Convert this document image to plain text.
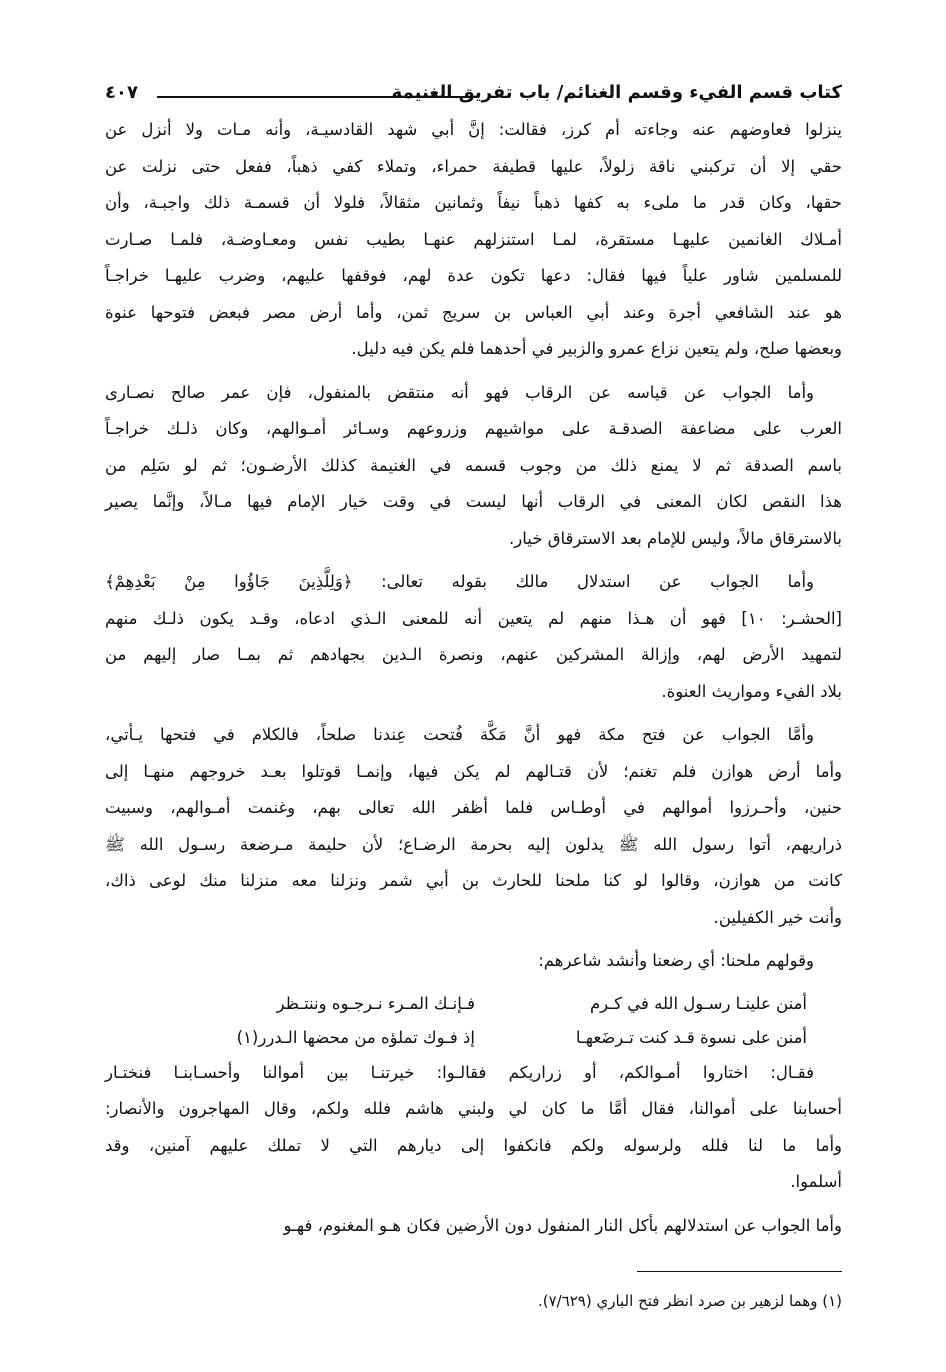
كتاب قسم الفيء وقسم الغنائم/ باب تفريق الغنيمة
٤٠٧
ينزلوا فعاوضهم عنه وجاءته أم كرز، فقالت: إنَّ أبي شهد القادسيـة، وأنه مـات ولا أنزل عن
حقي إلا أن تركبني ناقة زلولاً، عليها قطيفة حمراء، وتملاء كفي ذهباً، ففعل حتى نزلت عن
حقها، وكان قدر ما ملىء به كفها ذهباً نيفاً وثمانين مثقالاً، فلولا أن قسمـة ذلك واجبـة، وأن
أمـلاك الغانمين عليهـا مستقرة، لمـا استنزلهم عنهـا بطيب نفس ومعـاوضـة، فلمـا صـارت
للمسلمين شاور علياً فيها فقال: دعها تكون عدة لهم، فوقفها عليهم، وضرب عليهـا خراجـاً
هو عند الشافعي أجرة وعند أبي العباس بن سريج ثمن، وأما أرض مصر فبعض فتوحها عنوة
وبعضها صلح، ولم يتعين نزاع عمرو والزبير في أحدهما فلم يكن فيه دليل.
وأما الجواب عن قياسه عن الرقاب فهو أنه منتقض بالمنفول، فإن عمر صالح نصـارى
العرب على مضاعفة الصدقـة على مواشيهم وزروعهم وسـائر أمـوالهم، وكان ذلـك خراجـاً
باسم الصدقة ثم لا يمنع ذلك من وجوب قسمه في الغنيمة كذلك الأرضـون؛ ثم لو سَلِم من
هذا النقص لكان المعنى في الرقاب أنها ليست في وقت خيار الإمام فيها مـالاً، وإنَّما يصير
بالاسترقاق مالاً، وليس للإمام بعد الاسترقاق خيار.
وأما الجواب عن استدلال مالك بقوله تعالى: ﴿وَلِلَّذِينَ جَاؤُوا مِنْ بَعْدِهِمْ﴾
[الحشـر: ١٠] فهو أن هـذا منهم لم يتعين أنه للمعنى الـذي ادعاه، وقـد يكون ذلـك منهم
لتمهيد الأرض لهم، وإزالة المشركين عنهم، ونصرة الـدين بجهادهم ثم بمـا صار إليهم من
بلاد الفيء ومواريث العنوة.
وأمَّا الجواب عن فتح مكة فهو أنَّ مَكَّة فُتحت عِندنا صلحاً، فالكلام في فتحها يـأتي،
وأما أرض هوازن فلم تغنم؛ لأن قتـالهم لم يكن فيها، وإنمـا قوتلوا بعـد خروجهم منهـا إلى
حنين، وأحـرزوا أموالهم في أوطـاس فلما أظفر الله تعالى بهم، وغنمت أمـوالهم، وسبيت
ذراريهم، أتوا رسول الله ﷺ يدلون إليه بحرمة الرضـاع؛ لأن حليمة مـرضعة رسـول الله ﷺ
كانت من هوازن، وقالوا لو كنا ملحنا للحارث بن أبي شمر ونزلنا معه منزلنا منك لوعى ذاك،
وأنت خير الكفيلين.
وقولهم ملحنا: أي رضعنا وأنشد شاعرهم:
أمنن علينـا رسـول الله في كـرم
فـإنـك المـرء نـرجـوه وننتـظر
أمنن على نسوة قـد كنت تـرضَعهـا
إذ فـوك تملؤه من محضها الـدرر(١)
فقـال: اختاروا أمـوالكم، أو زراريكم فقالـوا: خيرتنـا بين أموالنا وأحسـابنـا فنختـار
أحسابنا على أموالنا، فقال أمَّا ما كان لي ولبني هاشم فلله ولكم، وقال المهاجرون والأنصار:
وأما ما لنا فلله ولرسوله ولكم فانكفوا إلى ديارهم التي لا تملك عليهم آمنين، وقد
أسلموا.
وأما الجواب عن استدلالهم بأكل النار المنفول دون الأرضين فكان هـو المغنوم، فهـو
(١) وهما لزهير بن صرد انظر فتح الباري (٧/٦٢٩).
